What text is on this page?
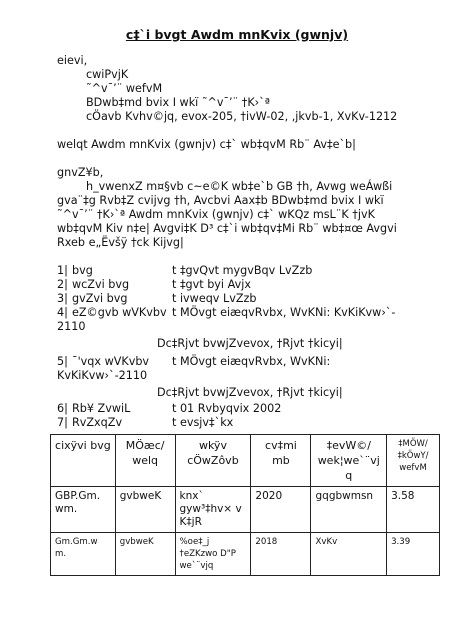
c‡`i bvgt Awdm mnKvix (gwnjv)
eievi,
cwiPvjK
˜^v¯’¨ wefvM
BDwb‡md bvix I wkï ˜^v¯’¨ †K›`ª
cÖavb Kvhv©jq, evox-205, †ivW-02, ,jkvb-1, XvKv-1212
welqt Awdm mnKvix (gwnjv) c‡` wb‡qvM Rb¨ Av‡e`b|
gnvZ¥b,
h_vwenxZ m¤§vb c~e©K wb‡e`b GB †h, Avwg weÁwßi
gva¨‡g Rvb‡Z cvijvg †h, Avcbvi Aax‡b BDwb‡md bvix I wkï
˜^v¯’¨ †K›`ª Awdm mnKvix (gwnjv) c‡` wKQz msL¨K †jvK
wb‡qvM Kiv n‡e| Avgvi‡K D³ c‡`i wb‡qv‡Mi Rb¨ wb‡¤œ Avgvi
Rxeb e„Ëvšÿ †ck Kijvg|
1| bvg	t ‡gvQvt mygvBqv LvZzb
2| wcZvi bvg	t ‡gvt byi Avjx
3| gvZvi bvg	t ivweqv LvZzb
4| eZ©gvb wVKvbv t MÖvgt eiæqvRvbx, WvKNi: KvKiKvw›`-
2110
Dc‡Rjvt bvwjZvevox, †Rjvt †kicyi|
5| ¯'vqx wVKvbv t MÖvgt eiæqvRvbx, WvKNi:
KvKiKvw›`-2110
Dc‡Rjvt bvwjZvevox, †Rjvt †kicyi|
6| Rb¥ ZvwiL	t 01 Rvbyqvix 2002
7| RvZxqZv	t evsjv‡`kx
cixÿvi bvg	MÖæc/ welq	wkÿv cÖwZôvb	cv‡mi mb	‡evW©/ wek¦we`¨vj q	‡MÖW/ ‡kÖwY/ wefvM
GBP.Gm. wm.	gvbweK	knx` gyw³‡hv× v K‡jR	2020	gqgbwmsn	3.58
Gm.Gm.w m.	gvbweK	%oe‡_j †eZKzwo D"P we`¨vjq	2018	XvKv	3.39
